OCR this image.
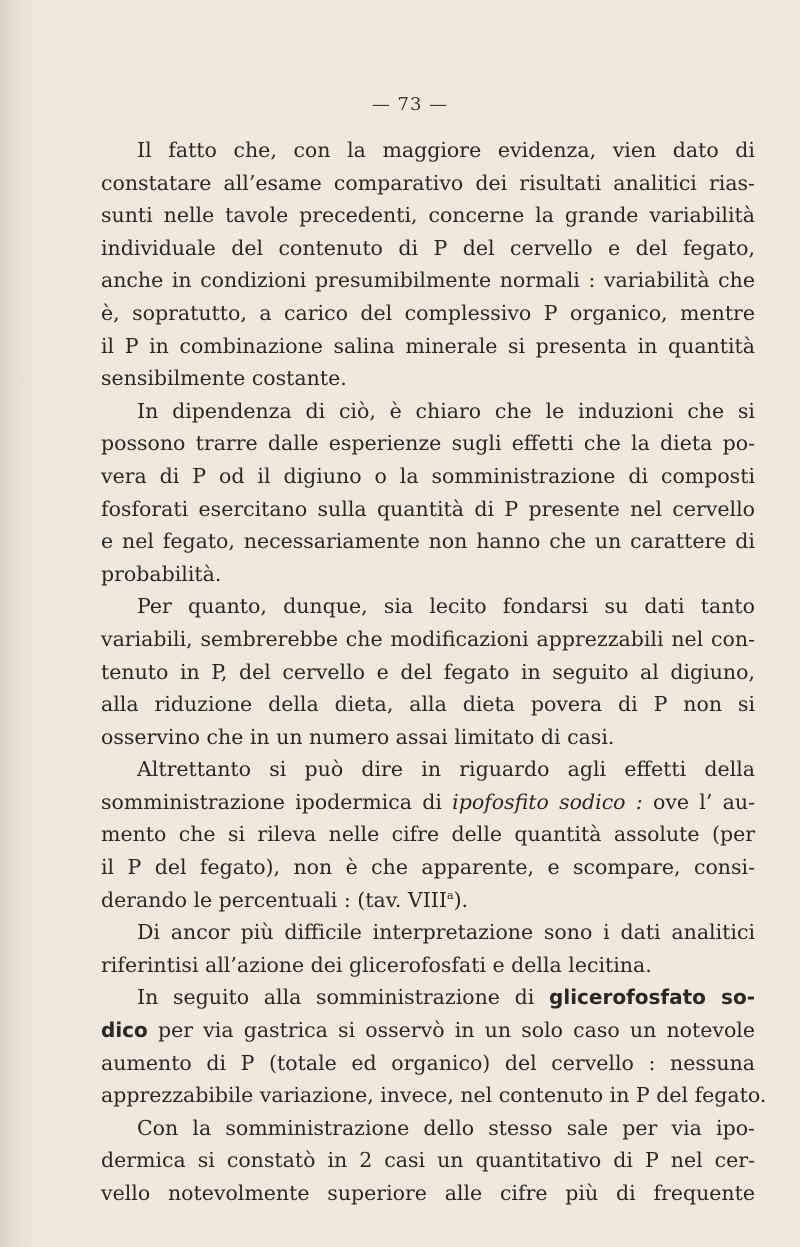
— 73 —
Il fatto che, con la maggiore evidenza, vien dato di
constatare all’esame comparativo dei risultati analitici rias-
sunti nelle tavole precedenti, concerne la grande variabilità
individuale del contenuto di P del cervello e del fegato,
anche in condizioni presumibilmente normali : variabilità che
è, sopratutto, a carico del complessivo P organico, mentre
il P in combinazione salina minerale si presenta in quantità
sensibilmente costante.
In dipendenza di ciò, è chiaro che le induzioni che si
possono trarre dalle esperienze sugli effetti che la dieta po-
vera di P od il digiuno o la somministrazione di composti
fosforati esercitano sulla quantità di P presente nel cervello
e nel fegato, necessariamente non hanno che un carattere di
probabilità.
Per quanto, dunque, sia lecito fondarsi su dati tanto
variabili, sembrerebbe che modificazioni apprezzabili nel con-
tenuto in P, del cervello e del fegato in seguito al digiuno,
alla riduzione della dieta, alla dieta povera di P non si
osservino che in un numero assai limitato di casi.
Altrettanto si può dire in riguardo agli effetti della
somministrazione ipodermica di ipofosfito sodico : ove l’ au-
mento che si rileva nelle cifre delle quantità assolute (per
il P del fegato), non è che apparente, e scompare, consi-
derando le percentuali : (tav. VIII$^a$).
Di ancor più difficile interpretazione sono i dati analitici
riferintisi all’azione dei glicerofosfati e della lecitina.
In seguito alla somministrazione di glicerofosfato so-
dico per via gastrica si osservò in un solo caso un notevole
aumento di P (totale ed organico) del cervello : nessuna
apprezzabibile variazione, invece, nel contenuto in P del fegato.
Con la somministrazione dello stesso sale per via ipo-
dermica si constatò in 2 casi un quantitativo di P nel cer-
vello notevolmente superiore alle cifre più di frequente
